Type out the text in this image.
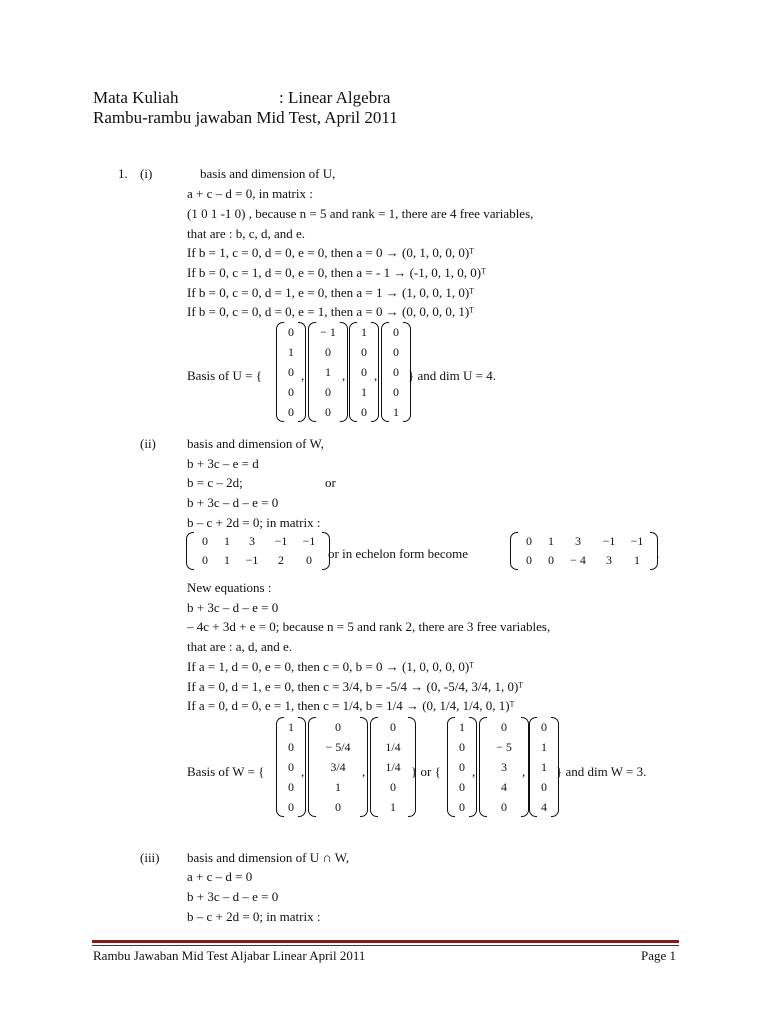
Mata Kuliah	: Linear Algebra
Rambu-rambu jawaban Mid Test, April 2011
1. (i)	basis and dimension of U,
a + c – d = 0, in matrix :
(1 0 1 -1 0) , because n = 5 and rank = 1, there are 4 free variables,
that are : b, c, d, and e.
If b = 1, c = 0, d = 0, e = 0, then a = 0 → (0, 1, 0, 0, 0)ᵀ
If b = 0, c = 1, d = 0, e = 0, then a = - 1 → (-1, 0, 1, 0, 0)ᵀ
If b = 0, c = 0, d = 1, e = 0, then a = 1 → (1, 0, 0, 1, 0)ᵀ
If b = 0, c = 0, d = 0, e = 1, then a = 0 → (0, 0, 0, 0, 1)ᵀ
Basis of U = {
0
1
0
0
0
,
− 1
0
1
0
0
,
1
0
0
1
0
,
0
0
0
0
1
} and dim U = 4.
(ii) basis and dimension of W,
b + 3c – e = d
b = c – 2d;	or
b + 3c – d – e = 0
b – c + 2d = 0; in matrix :
0	1	3	−1	−1
0	1	−1	2	0	or in echelon form become
0	1	3	−1	−1
0	0	− 4	3	1	.
New equations :
b + 3c – d – e = 0
– 4c + 3d + e = 0; because n = 5 and rank 2, there are 3 free variables,
that are : a, d, and e.
If a = 1, d = 0, e = 0, then c = 0, b = 0 → (1, 0, 0, 0, 0)ᵀ
If a = 0, d = 1, e = 0, then c = 3/4, b = -5/4 → (0, -5/4, 3/4, 1, 0)ᵀ
If a = 0, d = 0, e = 1, then c = 1/4, b = 1/4 → (0, 1/4, 1/4, 0, 1)ᵀ
Basis of W = {
1
0
0
0
0
,
0
− 5/4
3/4
1
0
,
0
1/4
1/4
0
1
} or {
1
0
0
0
0
,
0
− 5
3
4
0
,
0
1
1
0
4
} and dim W = 3.
(iii) basis and dimension of U ∩ W,
a + c – d = 0
b + 3c – d – e = 0
b – c + 2d = 0; in matrix :
Rambu Jawaban Mid Test Aljabar Linear April 2011	Page 1
